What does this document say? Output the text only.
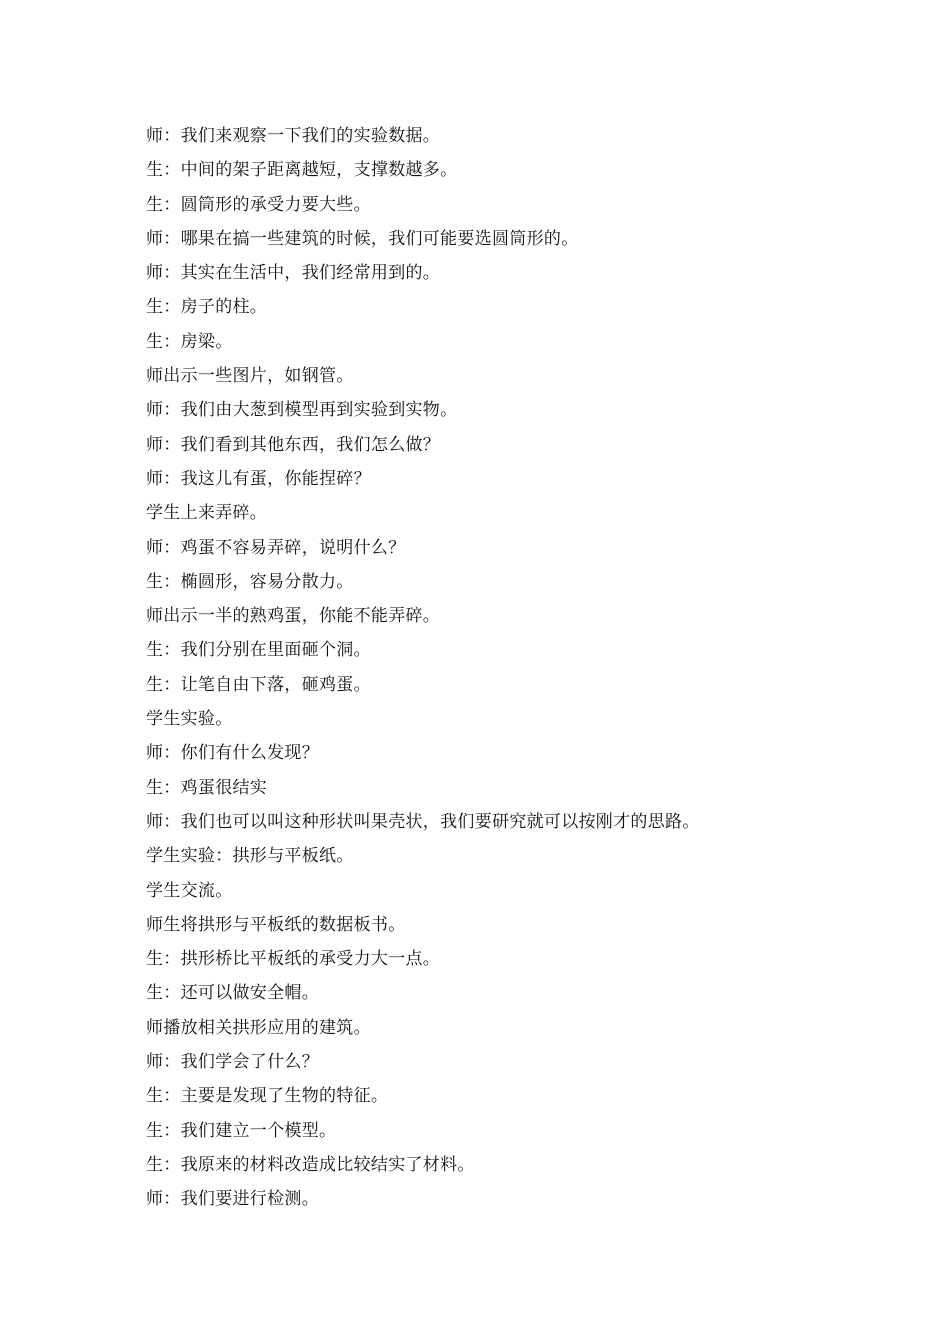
师：我们来观察一下我们的实验数据。
生：中间的架子距离越短，支撑数越多。
生：圆筒形的承受力要大些。
师：哪果在搞一些建筑的时候，我们可能要选圆筒形的。
师：其实在生活中，我们经常用到的。
生：房子的柱。
生：房梁。
师出示一些图片，如钢管。
师：我们由大葱到模型再到实验到实物。
师：我们看到其他东西，我们怎么做？
师：我这儿有蛋，你能捏碎？
学生上来弄碎。
师：鸡蛋不容易弄碎，说明什么？
生：椭圆形，容易分散力。
师出示一半的熟鸡蛋，你能不能弄碎。
生：我们分别在里面砸个洞。
生：让笔自由下落，砸鸡蛋。
学生实验。
师：你们有什么发现？
生：鸡蛋很结实
师：我们也可以叫这种形状叫果壳状，我们要研究就可以按刚才的思路。
学生实验：拱形与平板纸。
学生交流。
师生将拱形与平板纸的数据板书。
生：拱形桥比平板纸的承受力大一点。
生：还可以做安全帽。
师播放相关拱形应用的建筑。
师：我们学会了什么？
生：主要是发现了生物的特征。
生：我们建立一个模型。
生：我原来的材料改造成比较结实了材料。
师：我们要进行检测。
